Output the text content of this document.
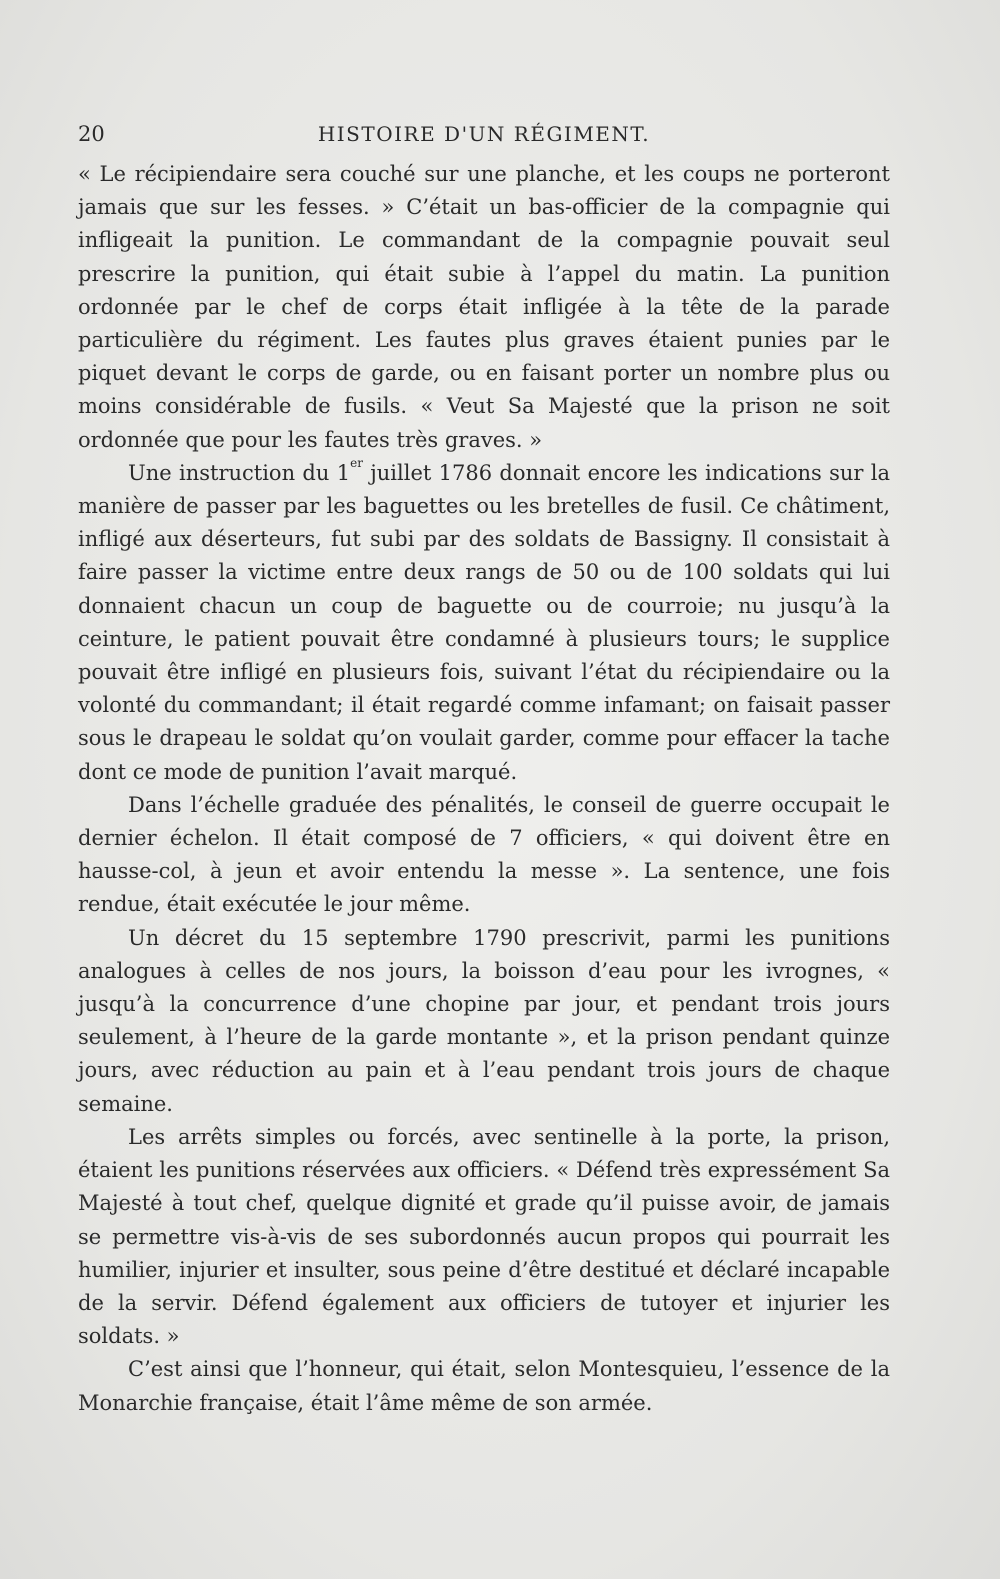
20	HISTOIRE D'UN RÉGIMENT.

« Le récipiendaire sera couché sur une planche, et les coups ne porteront jamais que sur les fesses. » C’était un bas-officier de la compagnie qui infligeait la punition. Le commandant de la compagnie pouvait seul prescrire la punition, qui était subie à l’appel du matin. La punition ordonnée par le chef de corps était infligée à la tête de la parade particulière du régiment. Les fautes plus graves étaient punies par le piquet devant le corps de garde, ou en faisant porter un nombre plus ou moins considérable de fusils. « Veut Sa Majesté que la prison ne soit ordonnée que pour les fautes très graves. »

Une instruction du 1er juillet 1786 donnait encore les indications sur la manière de passer par les baguettes ou les bretelles de fusil. Ce châtiment, infligé aux déserteurs, fut subi par des soldats de Bassigny. Il consistait à faire passer la victime entre deux rangs de 50 ou de 100 soldats qui lui donnaient chacun un coup de baguette ou de courroie; nu jusqu’à la ceinture, le patient pouvait être condamné à plusieurs tours; le supplice pouvait être infligé en plusieurs fois, suivant l’état du récipiendaire ou la volonté du commandant; il était regardé comme infamant; on faisait passer sous le drapeau le soldat qu’on voulait garder, comme pour effacer la tache dont ce mode de punition l’avait marqué.

Dans l’échelle graduée des pénalités, le conseil de guerre occupait le dernier échelon. Il était composé de 7 officiers, « qui doivent être en hausse-col, à jeun et avoir entendu la messe ». La sentence, une fois rendue, était exécutée le jour même.

Un décret du 15 septembre 1790 prescrivit, parmi les punitions analogues à celles de nos jours, la boisson d’eau pour les ivrognes, « jusqu’à la concurrence d’une chopine par jour, et pendant trois jours seulement, à l’heure de la garde montante », et la prison pendant quinze jours, avec réduction au pain et à l’eau pendant trois jours de chaque semaine.

Les arrêts simples ou forcés, avec sentinelle à la porte, la prison, étaient les punitions réservées aux officiers. « Défend très expressément Sa Majesté à tout chef, quelque dignité et grade qu’il puisse avoir, de jamais se permettre vis-à-vis de ses subordonnés aucun propos qui pourrait les humilier, injurier et insulter, sous peine d’être destitué et déclaré incapable de la servir. Défend également aux officiers de tutoyer et injurier les soldats. »

C’est ainsi que l’honneur, qui était, selon Montesquieu, l’essence de la Monarchie française, était l’âme même de son armée.
